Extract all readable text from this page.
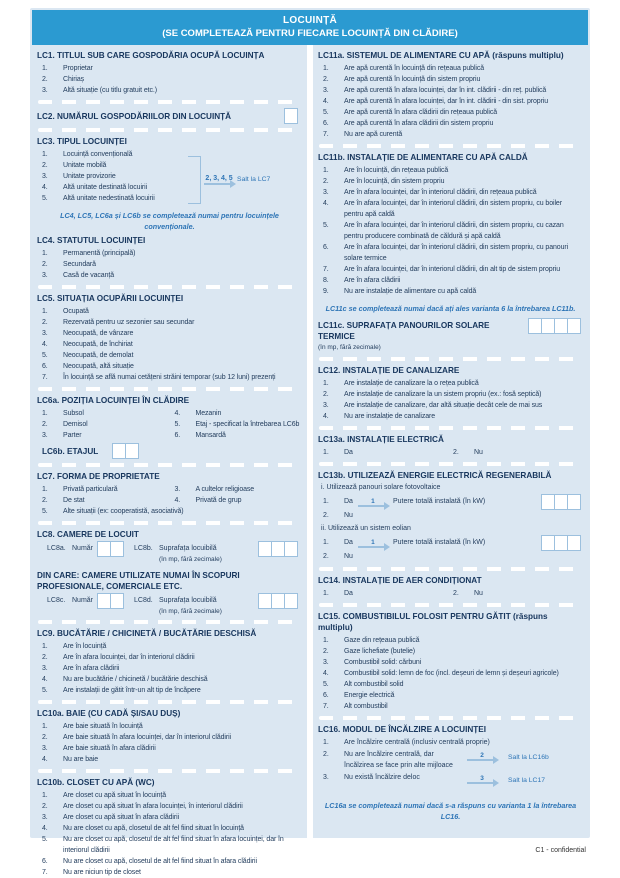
LOCUINȚĂ
(SE COMPLETEAZĂ PENTRU FIECARE LOCUINȚĂ DIN CLĂDIRE)
LC1. TITLUL SUB CARE GOSPODĂRIA OCUPĂ LOCUINȚA
1.	Proprietar
2.	Chiriaș
3.	Altă situație (cu titlu gratuit etc.)
LC2. NUMĂRUL GOSPODĂRIILOR DIN LOCUINȚĂ
LC3. TIPUL LOCUINȚEI
1.	Locuință convențională
2.	Unitate mobilă
3.	Unitate provizorie
4.	Altă unitate destinată locuirii
5.	Altă unitate nedestinată locuirii
2, 3, 4, 5 Salt la LC7
LC4, LC5, LC6a și LC6b se completează numai pentru locuințele convenționale.
LC4. STATUTUL LOCUINȚEI
1.	Permanentă (principală)
2.	Secundară
3.	Casă de vacanță
LC5. SITUAȚIA OCUPĂRII LOCUINȚEI
1.	Ocupată
2.	Rezervată pentru uz sezonier sau secundar
3.	Neocupată, de vânzare
4.	Neocupată, de închiriat
5.	Neocupată, de demolat
6.	Neocupată, altă situație
7.	În locuință se află numai cetățeni străini temporar (sub 12 luni) prezenți
LC6a. POZIȚIA LOCUINȚEI ÎN CLĂDIRE
1.	Subsol
2.	Demisol
3.	Parter
4.	Mezanin
5.	Etaj - specificat la întrebarea LC6b
6.	Mansardă
LC6b. ETAJUL
LC7. FORMA DE PROPRIETATE
1.	Privată particulară
2.	De stat
3.	A cultelor religioase
4.	Privată de grup
5.	Alte situații (ex: cooperatistă, asociativă)
LC8. CAMERE DE LOCUIT
LC8a. Număr	LC8b. Suprafața locuibilă
(în mp, fără zecimale)
DIN CARE: CAMERE UTILIZATE NUMAI ÎN SCOPURI PROFESIONALE, COMERCIALE ETC.
LC8c. Număr	LC8d. Suprafața locuibilă
(în mp, fără zecimale)
LC9. BUCĂTĂRIE / CHICINETĂ / BUCĂTĂRIE DESCHISĂ
1.	Are în locuință
2.	Are în afara locuinței, dar în interiorul clădirii
3.	Are în afara clădirii
4.	Nu are bucătărie / chicinetă / bucătărie deschisă
5.	Are instalații de gătit într-un alt tip de încăpere
LC10a. BAIE (CU CADĂ ȘI/SAU DUȘ)
1.	Are baie situată în locuință
2.	Are baie situată în afara locuinței, dar în interiorul clădirii
3.	Are baie situată în afara clădirii
4.	Nu are baie
LC10b. CLOSET CU APĂ (WC)
1.	Are closet cu apă situat în locuință
2.	Are closet cu apă situat în afara locuinței, în interiorul clădirii
3.	Are closet cu apă situat în afara clădirii
4.	Nu are closet cu apă, closetul de alt fel fiind situat în locuință
5.	Nu are closet cu apă, closetul de alt fel fiind situat în afara locuinței, dar în interiorul clădirii
6.	Nu are closet cu apă, closetul de alt fel fiind situat în afara clădirii
7.	Nu are niciun tip de closet
LC11a. SISTEMUL DE ALIMENTARE CU APĂ (răspuns multiplu)
1.	Are apă curentă în locuință din rețeaua publică
2.	Are apă curentă în locuință din sistem propriu
3.	Are apă curentă în afara locuinței, dar în int. clădirii - din reț. publică
4.	Are apă curentă în afara locuinței, dar în int. clădirii - din sist. propriu
5.	Are apă curentă în afara clădirii din rețeaua publică
6.	Are apă curentă în afara clădirii din sistem propriu
7.	Nu are apă curentă
LC11b. INSTALAȚIE DE ALIMENTARE CU APĂ CALDĂ
1.	Are în locuință, din rețeaua publică
2.	Are în locuință, din sistem propriu
3.	Are în afara locuinței, dar în interiorul clădirii, din rețeaua publică
4.	Are în afara locuinței, dar în interiorul clădirii, din sistem propriu, cu boiler pentru apă caldă
5.	Are în afara locuinței, dar în interiorul clădirii, din sistem propriu, cu cazan pentru producere combinată de căldură și apă caldă
6.	Are în afara locuinței, dar în interiorul clădirii, din sistem propriu, cu panouri solare termice
7.	Are în afara locuinței, dar în interiorul clădirii, din alt tip de sistem propriu
8.	Are în afara clădirii
9.	Nu are instalație de alimentare cu apă caldă
LC11c se completează numai dacă ați ales varianta 6 la întrebarea LC11b.
LC11c. SUPRAFAȚA PANOURILOR SOLARE TERMICE
(în mp, fără zecimale)
LC12. INSTALAȚIE DE CANALIZARE
1.	Are instalație de canalizare la o rețea publică
2.	Are instalație de canalizare la un sistem propriu (ex.: fosă septică)
3.	Are instalație de canalizare, dar altă situație decât cele de mai sus
4.	Nu are instalație de canalizare
LC13a. INSTALAȚIE ELECTRICĂ
1.	Da	2.	Nu
LC13b. UTILIZEAZĂ ENERGIE ELECTRICĂ REGENERABILĂ
i. Utilizează panouri solare fotovoltaice
1.	Da	1	Putere totală instalată (în kW)
2.	Nu
ii. Utilizează un sistem eolian
1.	Da	1	Putere totală instalată (în kW)
2.	Nu
LC14. INSTALAȚIE DE AER CONDIȚIONAT
1.	Da	2.	Nu
LC15. COMBUSTIBILUL FOLOSIT PENTRU GĂTIT (răspuns multiplu)
1.	Gaze din rețeaua publică
2.	Gaze lichefiate (butelie)
3.	Combustibil solid: cărbuni
4.	Combustibil solid: lemn de foc (incl. deșeuri de lemn și deșeuri agricole)
5.	Alt combustibil solid
6.	Energie electrică
7.	Alt combustibil
LC16. MODUL DE ÎNCĂLZIRE A LOCUINȚEI
1.	Are încălzire centrală (inclusiv centrală proprie)
2.	Nu are încălzire centrală, dar încălzirea se face prin alte mijloace
2	Salt la LC16b
3.	Nu există încălzire deloc	3	Salt la LC17
LC16a se completează numai dacă s-a răspuns cu varianta 1 la întrebarea LC16.
C1 - confidential
